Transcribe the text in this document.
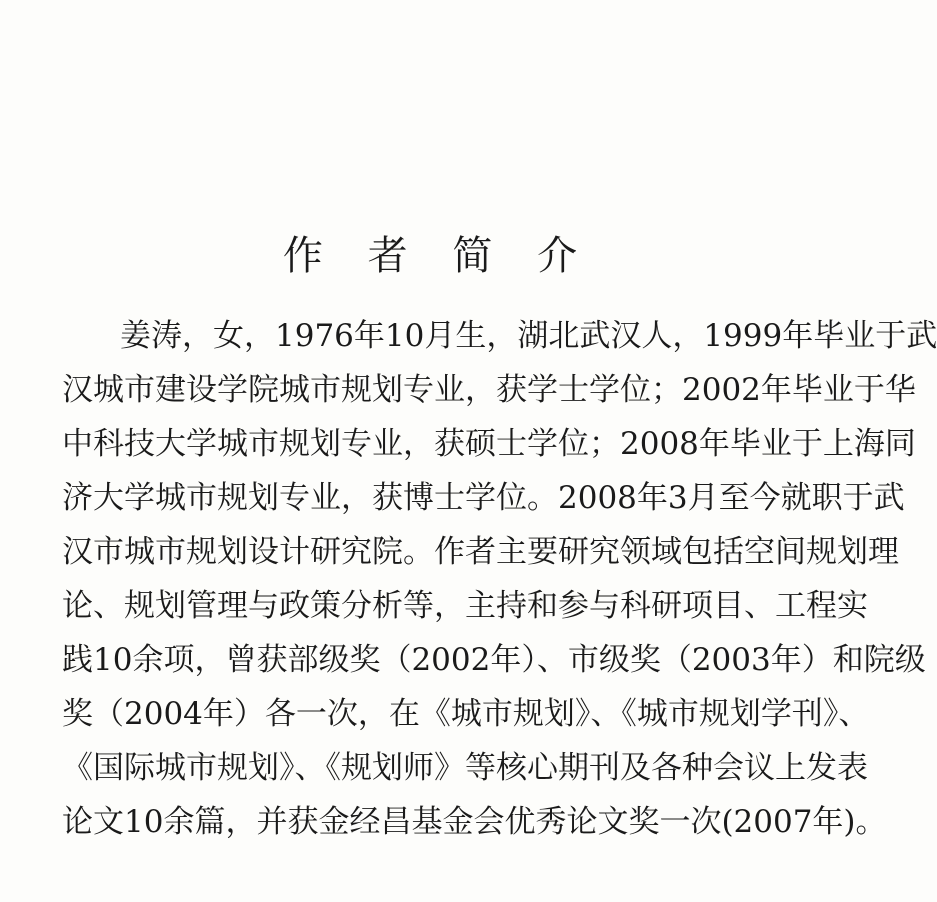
作 者 简 介
姜涛，女，1976年10月生，湖北武汉人，1999年毕业于武
汉城市建设学院城市规划专业，获学士学位；2002年毕业于华
中科技大学城市规划专业，获硕士学位；2008年毕业于上海同
济大学城市规划专业，获博士学位。2008年3月至今就职于武
汉市城市规划设计研究院。作者主要研究领域包括空间规划理
论、规划管理与政策分析等，主持和参与科研项目、工程实
践10余项，曾获部级奖（2002年）、市级奖（2003年）和院级
奖（2004年）各一次，在《城市规划》、《城市规划学刊》、
《国际城市规划》、《规划师》等核心期刊及各种会议上发表
论文10余篇，并获金经昌基金会优秀论文奖一次(2007年)。
